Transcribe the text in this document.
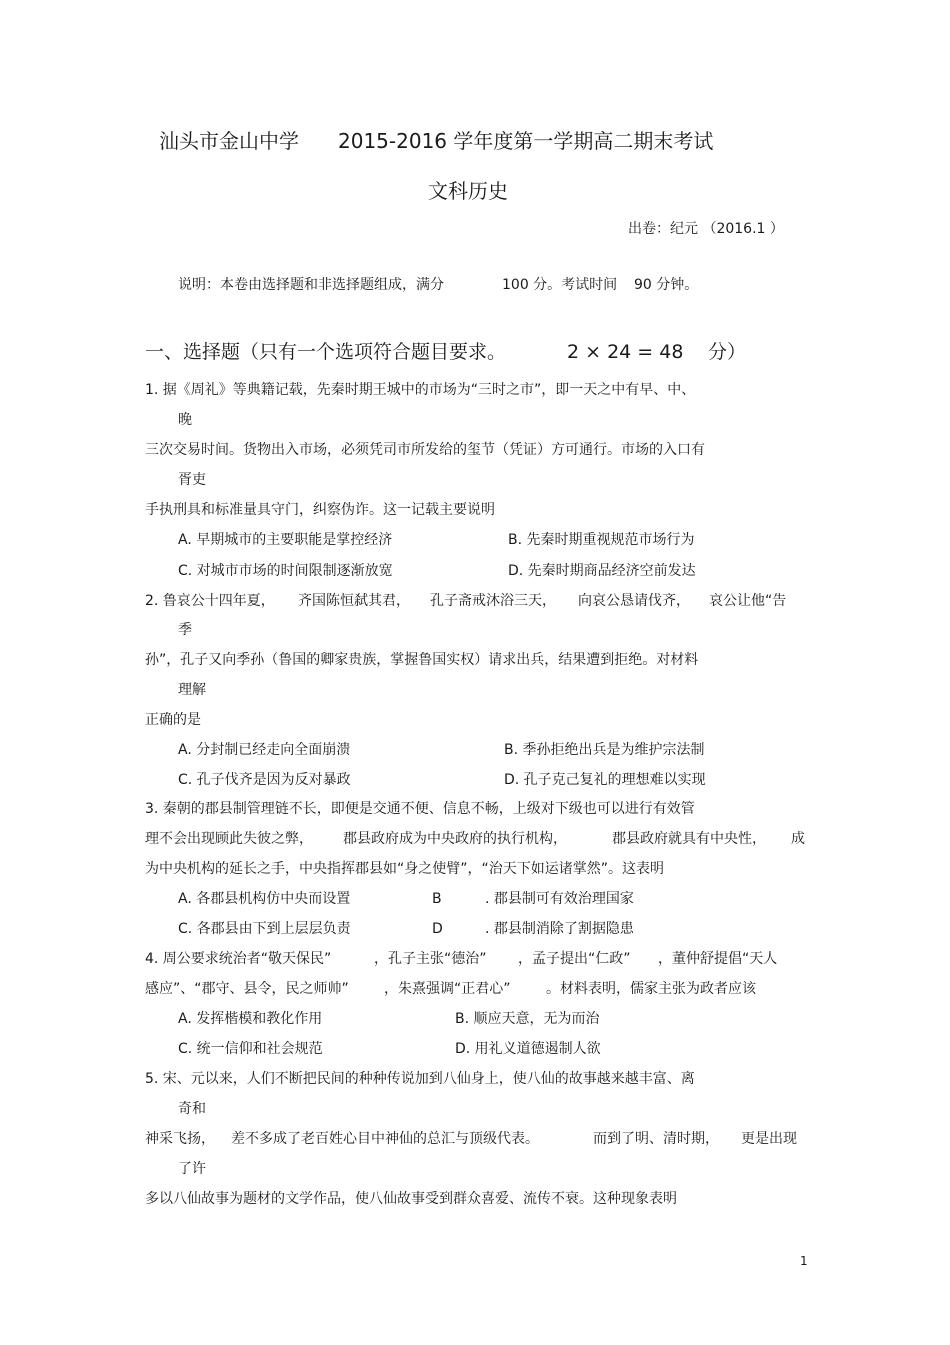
汕头市金山中学 2015-2016 学年度第一学期高二期末考试
文科历史
出卷：纪元 （2016.1 ）
说明：本卷由选择题和非选择题组成，满分	100 分。考试时间 90 分钟。
一、选择题（只有一个选项符合题目要求。	2 × 24 = 48 分）
1. 据《周礼》等典籍记载，先秦时期王城中的市场为“三时之市”，即一天之中有早、中、
晚
三次交易时间。货物出入市场，必须凭司市所发给的玺节（凭证）方可通行。市场的入口有
胥吏
手执刑具和标准量具守门，纠察伪诈。这一记载主要说明
A. 早期城市的主要职能是掌控经济	B. 先秦时期重视规范市场行为
C. 对城市市场的时间限制逐渐放宽	D. 先秦时期商品经济空前发达
2. 鲁哀公十四年夏， 齐国陈恒弑其君， 孔子斋戒沐浴三天， 向哀公恳请伐齐， 哀公让他“告
季
孙”，孔子又向季孙（鲁国的卿家贵族，掌握鲁国实权）请求出兵，结果遭到拒绝。对材料
理解
正确的是
A. 分封制已经走向全面崩溃	B. 季孙拒绝出兵是为维护宗法制
C. 孔子伐齐是因为反对暴政	D. 孔子克己复礼的理想难以实现
3. 秦朝的郡县制管理链不长，即便是交通不便、信息不畅，上级对下级也可以进行有效管
理不会出现顾此失彼之弊， 郡县政府成为中央政府的执行机构，	郡县政府就具有中央性， 成
为中央机构的延长之手，中央指挥郡县如“身之使臂”，“治天下如运诸掌然”。这表明
A. 各郡县机构仿中央而设置	B	. 郡县制可有效治理国家
C. 各郡县由下到上层层负责	D	. 郡县制消除了割据隐患
4. 周公要求统治者“敬天保民”	，孔子主张“德治” ，孟子提出“仁政” ，董仲舒提倡“天人
感应”、“郡守、县令，民之师帅”	，朱熹强调“正君心”	。材料表明，儒家主张为政者应该
A. 发挥楷模和教化作用	B. 顺应天意，无为而治
C. 统一信仰和社会规范	D. 用礼义道德遏制人欲
5. 宋、元以来，人们不断把民间的种种传说加到八仙身上，使八仙的故事越来越丰富、离
奇和
神采飞扬， 差不多成了老百姓心目中神仙的总汇与顶级代表。	而到了明、清时期， 更是出现
了许
多以八仙故事为题材的文学作品，使八仙故事受到群众喜爱、流传不衰。这种现象表明
1
